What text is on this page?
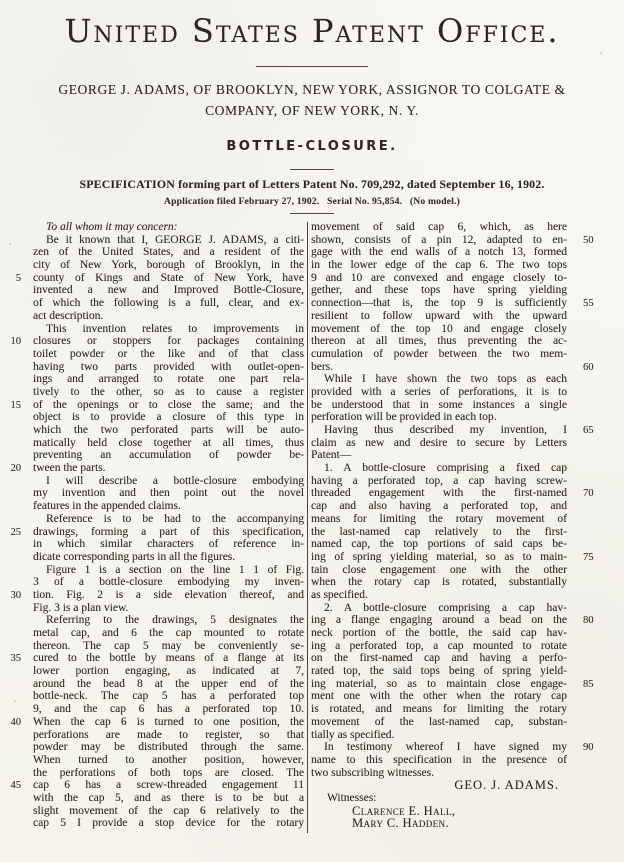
United States Patent Office.
GEORGE J. ADAMS, OF BROOKLYN, NEW YORK, ASSIGNOR TO COLGATE &
COMPANY, OF NEW YORK, N. Y.
BOTTLE-CLOSURE.
SPECIFICATION forming part of Letters Patent No. 709,292, dated September 16, 1902.
Application filed February 27, 1902.  Serial No. 95,854.  (No model.)
To all whom it may concern:
Be it known that I, GEORGE J. ADAMS, a citi-
zen of the United States, and a resident of the
city of New York, borough of Brooklyn, in the
5 county of Kings and State of New York, have
invented a new and Improved Bottle-Closure,
of which the following is a full, clear, and ex-
act description.
This invention relates to improvements in
10 closures or stoppers for packages containing
toilet powder or the like and of that class
having two parts provided with outlet-open-
ings and arranged to rotate one part rela-
tively to the other, so as to cause a register
15 of the openings or to close the same; and the
object is to provide a closure of this type in
which the two perforated parts will be auto-
matically held close together at all times, thus
preventing an accumulation of powder be-
20 tween the parts.
I will describe a bottle-closure embodying
my invention and then point out the novel
features in the appended claims.
Reference is to be had to the accompanying
25 drawings, forming a part of this specification,
in which similar characters of reference in-
dicate corresponding parts in all the figures.
Figure 1 is a section on the line 1 1 of Fig.
3 of a bottle-closure embodying my inven-
30 tion. Fig. 2 is a side elevation thereof, and
Fig. 3 is a plan view.
Referring to the drawings, 5 designates the
metal cap, and 6 the cap mounted to rotate
thereon. The cap 5 may be conveniently se-
35 cured to the bottle by means of a flange at its
lower portion engaging, as indicated at 7,
around the bead 8 at the upper end of the
bottle-neck. The cap 5 has a perforated top
9, and the cap 6 has a perforated top 10.
40 When the cap 6 is turned to one position, the
perforations are made to register, so that
powder may be distributed through the same.
When turned to another position, however,
the perforations of both tops are closed. The
45 cap 6 has a screw-threaded engagement 11
with the cap 5, and as there is to be but a
slight movement of the cap 6 relatively to the
cap 5 I provide a stop device for the rotary
movement of said cap 6, which, as here
shown, consists of a pin 12, adapted to en-	50
gage with the end walls of a notch 13, formed
in the lower edge of the cap 6. The two tops
9 and 10 are convexed and engage closely to-
gether, and these tops have spring yielding
connection—that is, the top 9 is sufficiently	55
resilient to follow upward with the upward
movement of the top 10 and engage closely
thereon at all times, thus preventing the ac-
cumulation of powder between the two mem-
bers.	60
While I have shown the two tops as each
provided with a series of perforations, it is to
be understood that in some instances a single
perforation will be provided in each top.
Having thus described my invention, I	65
claim as new and desire to secure by Letters
Patent—
1. A bottle-closure comprising a fixed cap
having a perforated top, a cap having screw-
threaded engagement with the first-named	70
cap and also having a perforated top, and
means for limiting the rotary movement of
the last-named cap relatively to the first-
named cap, the top portions of said caps be-
ing of spring yielding material, so as to main-	75
tain close engagement one with the other
when the rotary cap is rotated, substantially
as specified.
2. A bottle-closure comprising a cap hav-
ing a flange engaging around a bead on the	80
neck portion of the bottle, the said cap hav-
ing a perforated top, a cap mounted to rotate
on the first-named cap and having a perfo-
rated top, the said tops being of spring yield-
ing material, so as to maintain close engage-	85
ment one with the other when the rotary cap
is rotated, and means for limiting the rotary
movement of the last-named cap, substan-
tially as specified.
In testimony whereof I have signed my	90
name to this specification in the presence of
two subscribing witnesses.
GEO. J. ADAMS.
Witnesses:
Clarence E. Hall,
Mary C. Hadden.
